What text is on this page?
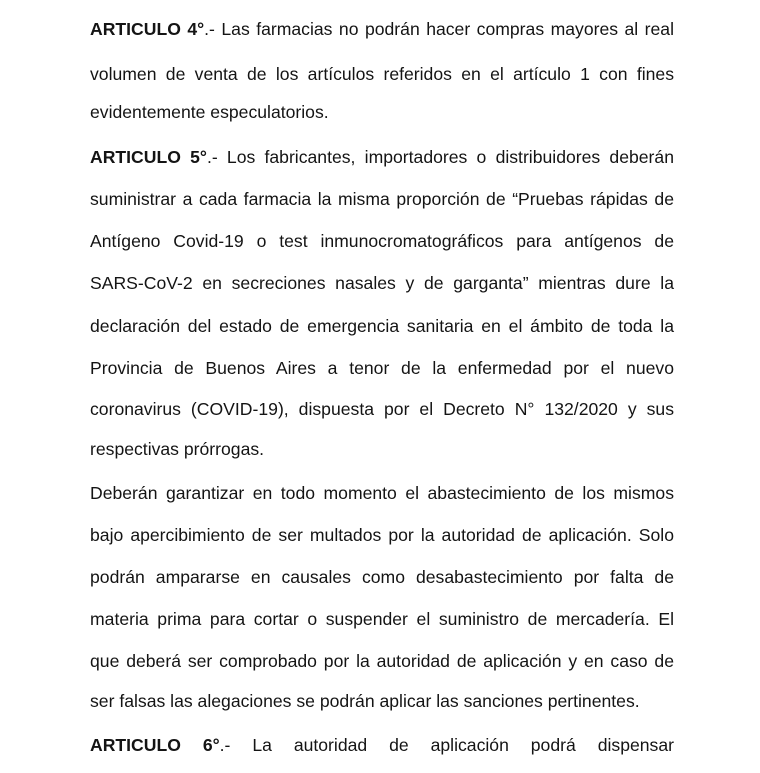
ARTICULO 4°.- Las farmacias no podrán hacer compras mayores al real
volumen de venta de los artículos referidos en el artículo 1 con fines
evidentemente especulatorios.
ARTICULO 5°.- Los fabricantes, importadores o distribuidores deberán
suministrar a cada farmacia la misma proporción de “Pruebas rápidas de
Antígeno Covid-19 o test inmunocromatográficos para antígenos de
SARS-CoV-2 en secreciones nasales y de garganta” mientras dure la
declaración del estado de emergencia sanitaria en el ámbito de toda la
Provincia de Buenos Aires a tenor de la enfermedad por el nuevo
coronavirus (COVID-19), dispuesta por el Decreto N° 132/2020 y sus
respectivas prórrogas.
Deberán garantizar en todo momento el abastecimiento de los mismos
bajo apercibimiento de ser multados por la autoridad de aplicación. Solo
podrán ampararse en causales como desabastecimiento por falta de
materia prima para cortar o suspender el suministro de mercadería. El
que deberá ser comprobado por la autoridad de aplicación y en caso de
ser falsas las alegaciones se podrán aplicar las sanciones pertinentes.
ARTICULO 6°.- La autoridad de aplicación podrá dispensar
